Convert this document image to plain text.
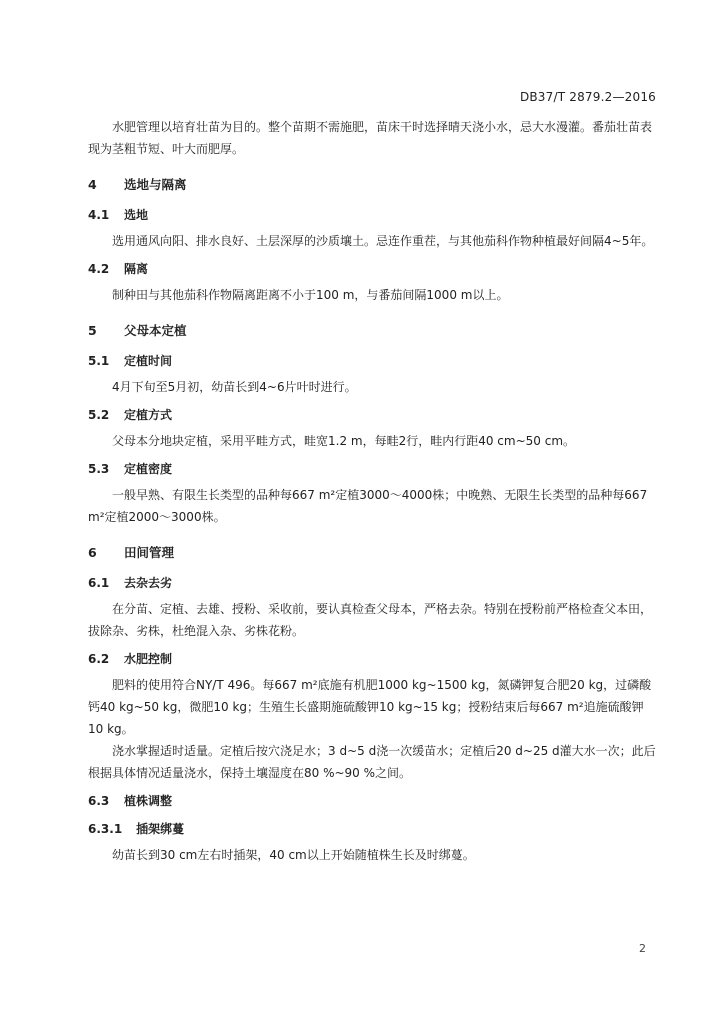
DB37/T 2879.2—2016

水肥管理以培育壮苗为目的。整个苗期不需施肥，苗床干时选择晴天浇小水，忌大水漫灌。番茄壮苗表现为茎粗节短、叶大而肥厚。

4	选地与隔离
4.1 选地

选用通风向阳、排水良好、土层深厚的沙质壤土。忌连作重茬，与其他茄科作物种植最好间隔4~5年。

4.2 隔离

制种田与其他茄科作物隔离距离不小于100 m，与番茄间隔1000 m以上。

5	父母本定植
5.1 定植时间

4月下旬至5月初，幼苗长到4~6片叶时进行。

5.2 定植方式

父母本分地块定植，采用平畦方式，畦宽1.2 m，每畦2行，畦内行距40 cm~50 cm。

5.3 定植密度

一般早熟、有限生长类型的品种每667 m²定植3000～4000株；中晚熟、无限生长类型的品种每667 m²定植2000～3000株。

6	田间管理
6.1 去杂去劣

在分苗、定植、去雄、授粉、采收前，要认真检查父母本，严格去杂。特别在授粉前严格检查父本田，拔除杂、劣株，杜绝混入杂、劣株花粉。

6.2 水肥控制

肥料的使用符合NY/T 496。每667 m²底施有机肥1000 kg~1500 kg，氮磷钾复合肥20 kg，过磷酸钙40 kg~50 kg，微肥10 kg；生殖生长盛期施硫酸钾10 kg~15 kg；授粉结束后每667 m²追施硫酸钾10 kg。

浇水掌握适时适量。定植后按穴浇足水；3 d~5 d浇一次缓苗水；定植后20 d~25 d灌大水一次；此后根据具体情况适量浇水，保持土壤湿度在80 %~90 %之间。

6.3 植株调整
6.3.1 插架绑蔓

幼苗长到30 cm左右时插架，40 cm以上开始随植株生长及时绑蔓。

2
